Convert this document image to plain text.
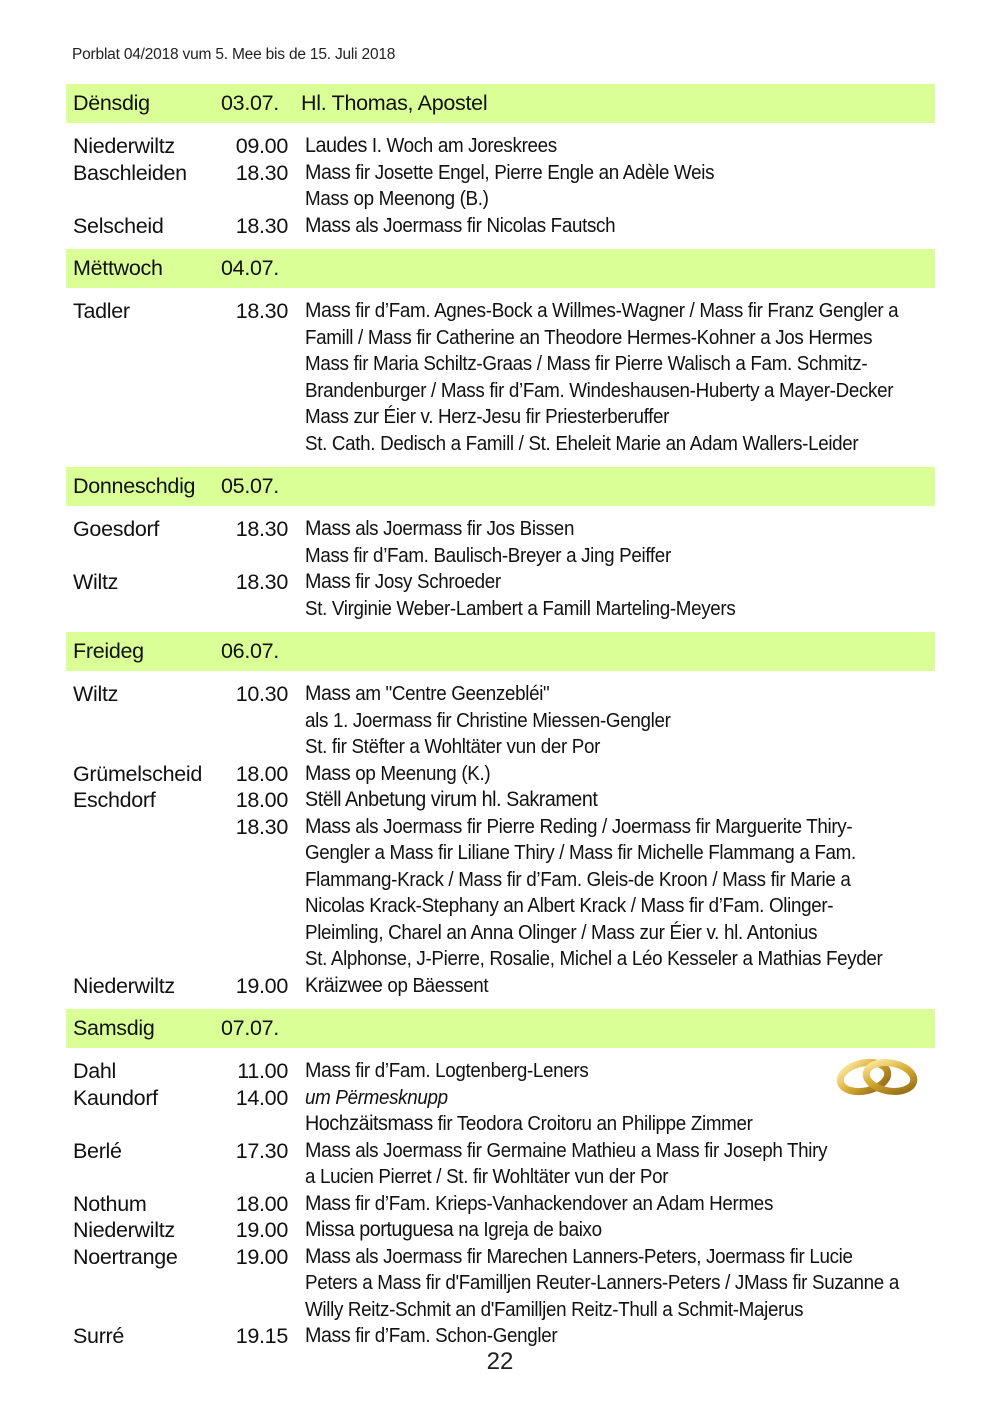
Porblat 04/2018 vum 5. Mee bis de 15. Juli 2018
Dënsdig	03.07.	Hl. Thomas, Apostel
Niederwiltz	09.00 Laudes I. Woch am Joreskrees
Baschleiden	18.30 Mass fir Josette Engel, Pierre Engle an Adèle Weis
Mass op Meenong (B.)
Selscheid	18.30 Mass als Joermass fir Nicolas Fautsch
Mëttwoch	04.07.
Tadler	18.30 Mass fir d’Fam. Agnes-Bock a Willmes-Wagner / Mass fir Franz Gengler a
Famill / Mass fir Catherine an Theodore Hermes-Kohner a Jos Hermes
Mass fir Maria Schiltz-Graas / Mass fir Pierre Walisch a Fam. Schmitz-
Brandenburger / Mass fir d’Fam. Windeshausen-Huberty a Mayer-Decker
Mass zur Éier v. Herz-Jesu fir Priesterberuffer
St. Cath. Dedisch a Famill / St. Eheleit Marie an Adam Wallers-Leider
Donneschdig	05.07.
Goesdorf	18.30 Mass als Joermass fir Jos Bissen
Mass fir d’Fam. Baulisch-Breyer a Jing Peiffer
Wiltz	18.30 Mass fir Josy Schroeder
St. Virginie Weber-Lambert a Famill Marteling-Meyers
Freideg	06.07.
Wiltz	10.30 Mass am "Centre Geenzebléi"
als 1. Joermass fir Christine Miessen-Gengler
St. fir Stëfter a Wohltäter vun der Por
Grümelscheid	18.00 Mass op Meenung (K.)
Eschdorf	18.00 Stëll Anbetung virum hl. Sakrament
18.30 Mass als Joermass fir Pierre Reding / Joermass fir Marguerite Thiry-
Gengler a Mass fir Liliane Thiry / Mass fir Michelle Flammang a Fam.
Flammang-Krack / Mass fir d’Fam. Gleis-de Kroon / Mass fir Marie a
Nicolas Krack-Stephany an Albert Krack / Mass fir d’Fam. Olinger-
Pleimling, Charel an Anna Olinger / Mass zur Éier v. hl. Antonius
St. Alphonse, J-Pierre, Rosalie, Michel a Léo Kesseler a Mathias Feyder
Niederwiltz	19.00 Kräizwee op Bäessent
Samsdig	07.07.
Dahl	11.00 Mass fir d’Fam. Logtenberg-Leners
Kaundorf	14.00 um Përmesknupp
Hochzäitsmass fir Teodora Croitoru an Philippe Zimmer
Berlé	17.30 Mass als Joermass fir Germaine Mathieu a Mass fir Joseph Thiry
a Lucien Pierret / St. fir Wohltäter vun der Por
Nothum	18.00 Mass fir d’Fam. Krieps-Vanhackendover an Adam Hermes
Niederwiltz	19.00 Missa portuguesa na Igreja de baixo
Noertrange	19.00 Mass als Joermass fir Marechen Lanners-Peters, Joermass fir Lucie
Peters a Mass fir d'Familljen Reuter-Lanners-Peters / JMass fir Suzanne a
Willy Reitz-Schmit an d'Familljen Reitz-Thull a Schmit-Majerus
Surré	19.15 Mass fir d’Fam. Schon-Gengler
22
